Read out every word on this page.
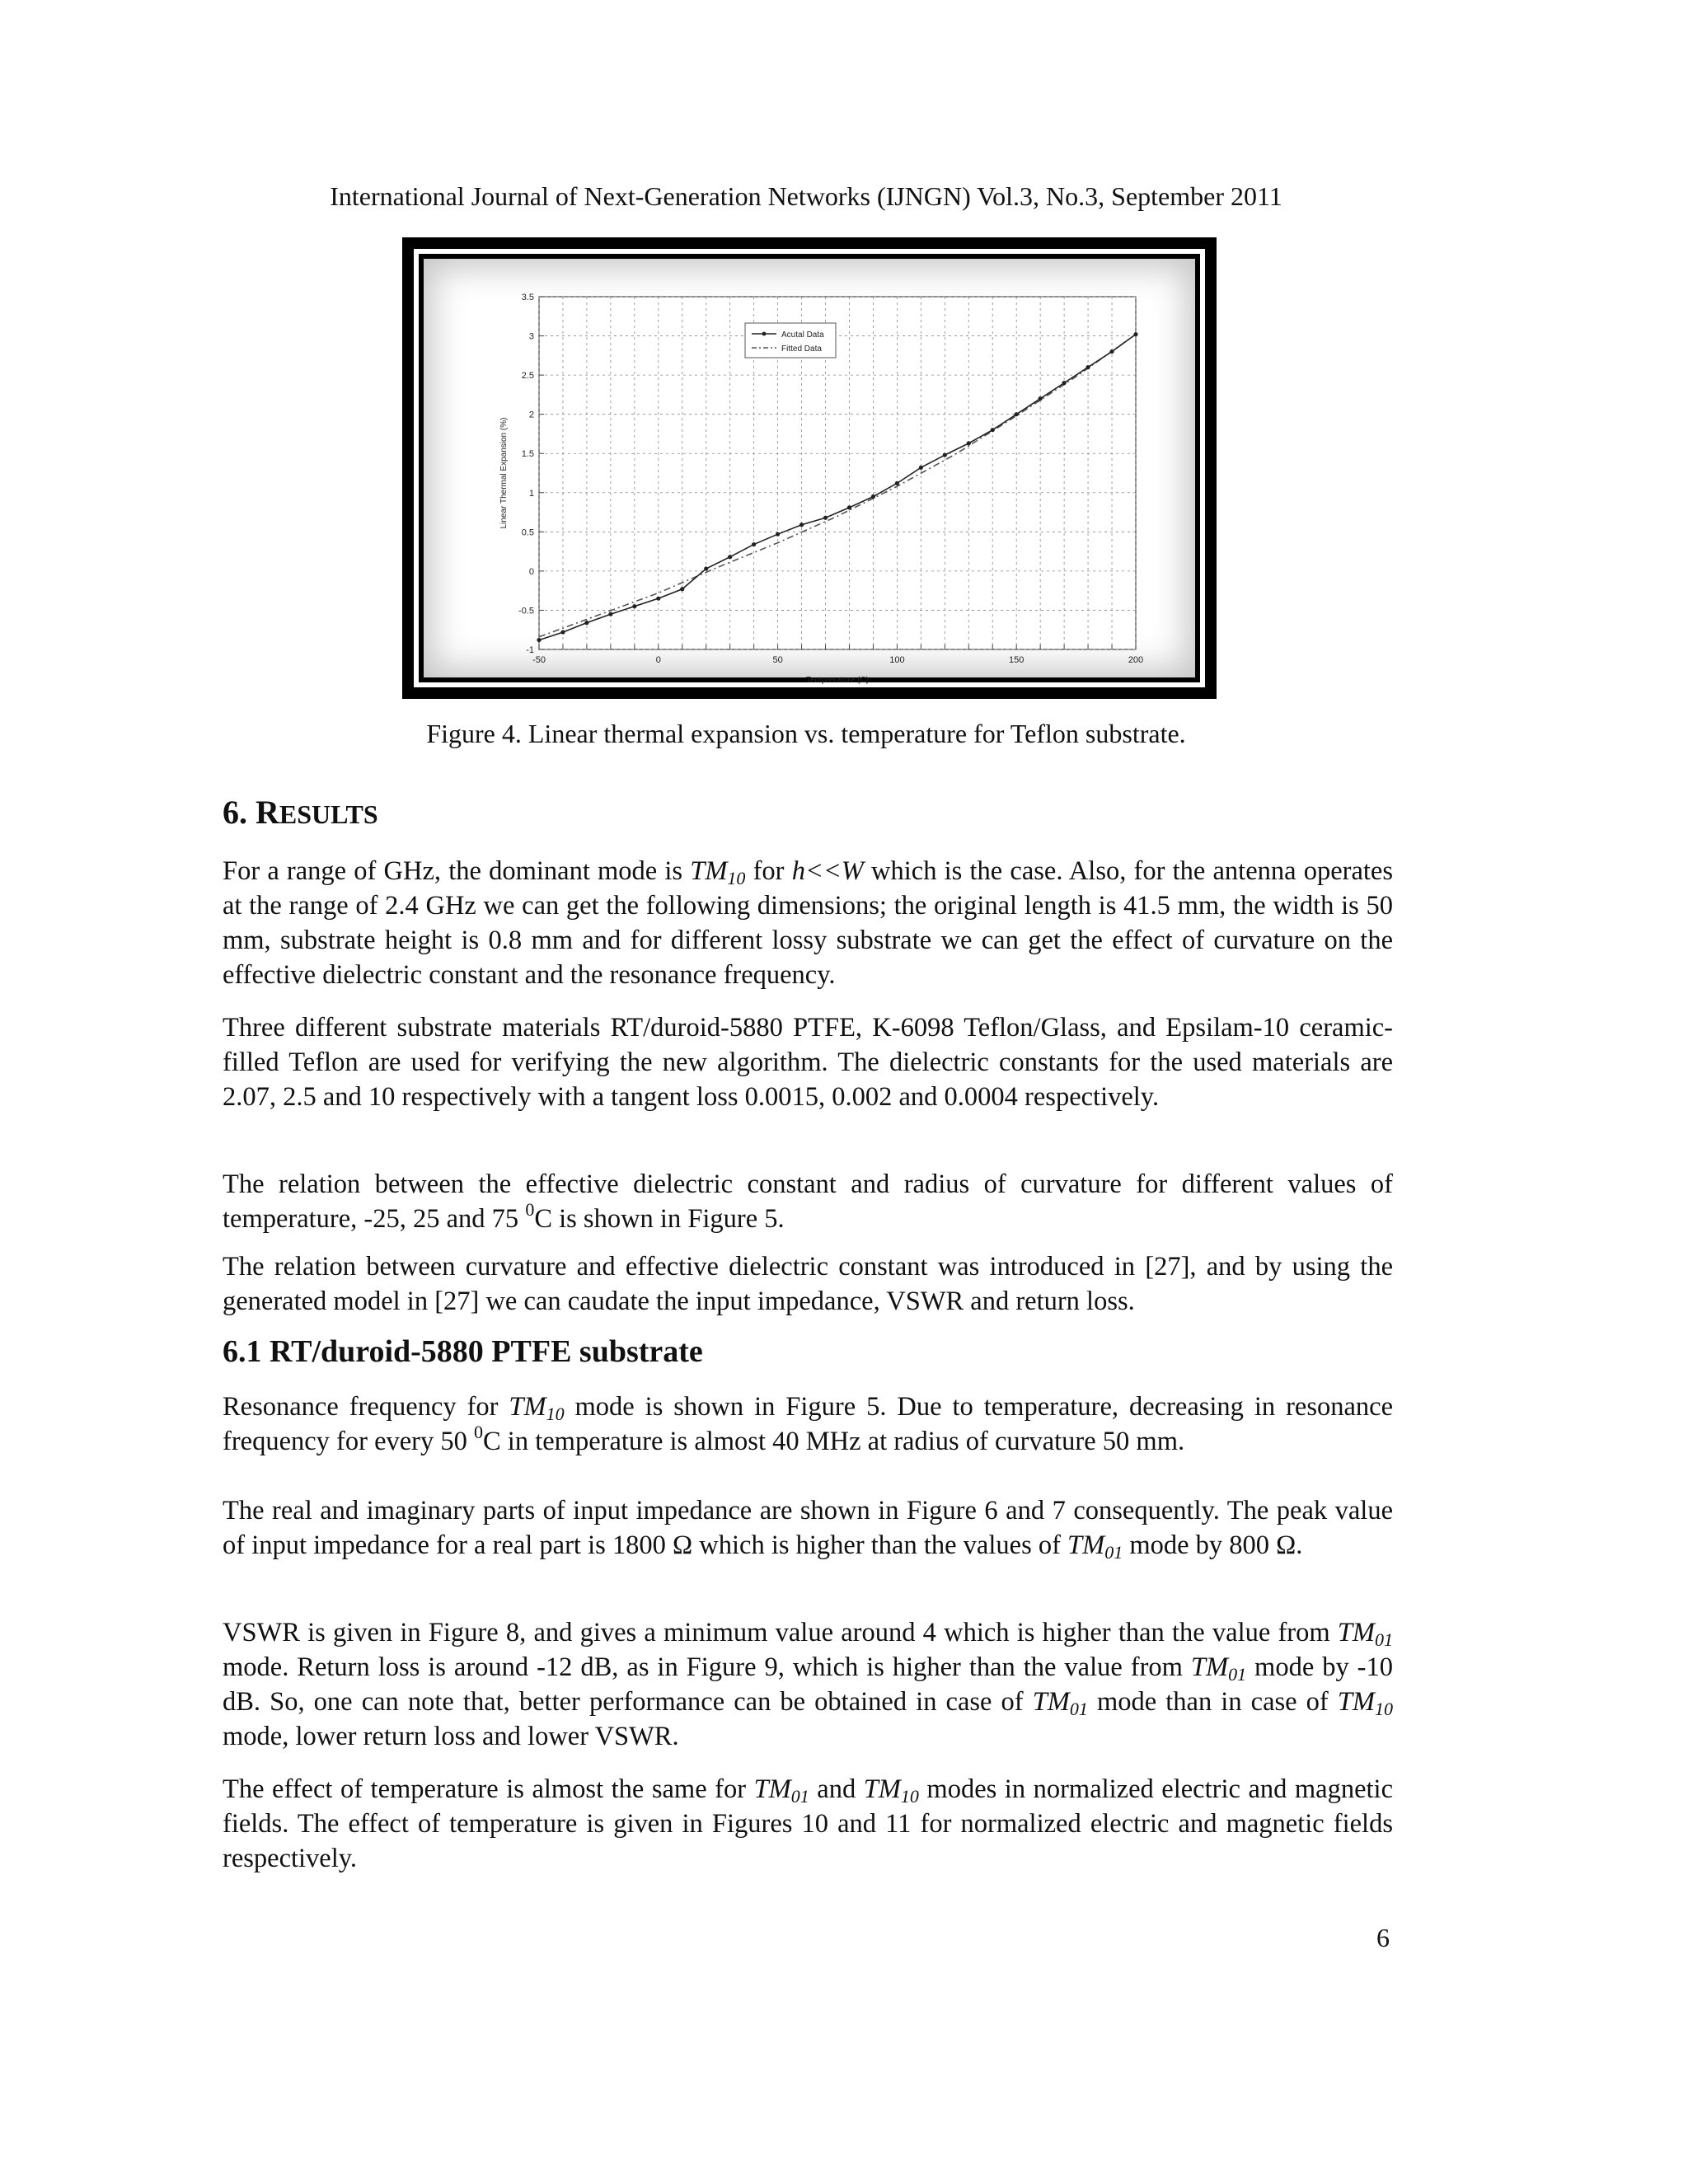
International Journal of Next-Generation Networks (IJNGN) Vol.3, No.3, September 2011
-1
-0.5
0
0.5
1
1.5
2
2.5
3
3.5
-50	0	50	100	150	200
Temprerature (C)
Linear Thermal Expansion (%)
Acutal Data
Fitted Data
Figure 4. Linear thermal expansion vs. temperature for Teflon substrate.
6. RESULTS

For a range of GHz, the dominant mode is $TM_{10}$ for h<<W which is the case. Also, for the antenna operates at the range of 2.4 GHz we can get the following dimensions; the original length is 41.5 mm, the width is 50 mm, substrate height is 0.8 mm and for different lossy substrate we can get the effect of curvature on the effective dielectric constant and the resonance frequency.

Three different substrate materials RT/duroid-5880 PTFE, K-6098 Teflon/Glass, and Epsilam-10 ceramic-filled Teflon are used for verifying the new algorithm. The dielectric constants for the used materials are 2.07, 2.5 and 10 respectively with a tangent loss 0.0015, 0.002 and 0.0004 respectively.

The relation between the effective dielectric constant and radius of curvature for different values of temperature, -25, 25 and 75 $^0$C is shown in Figure 5.

The relation between curvature and effective dielectric constant was introduced in [27], and by using the generated model in [27] we can caudate the input impedance, VSWR and return loss.

6.1 RT/duroid-5880 PTFE substrate

Resonance frequency for $TM_{10}$ mode is shown in Figure 5. Due to temperature, decreasing in resonance frequency for every 50 $^0$C in temperature is almost 40 MHz at radius of curvature 50 mm.

The real and imaginary parts of input impedance are shown in Figure 6 and 7 consequently. The peak value of input impedance for a real part is 1800 Ω which is higher than the values of $TM_{01}$ mode by 800 Ω.

VSWR is given in Figure 8, and gives a minimum value around 4 which is higher than the value from $TM_{01}$ mode. Return loss is around -12 dB, as in Figure 9, which is higher than the value from $TM_{01}$ mode by -10 dB. So, one can note that, better performance can be obtained in case of $TM_{01}$ mode than in case of $TM_{10}$ mode, lower return loss and lower VSWR.

The effect of temperature is almost the same for $TM_{01}$ and $TM_{10}$ modes in normalized electric and magnetic fields. The effect of temperature is given in Figures 10 and 11 for normalized electric and magnetic fields respectively.

6
